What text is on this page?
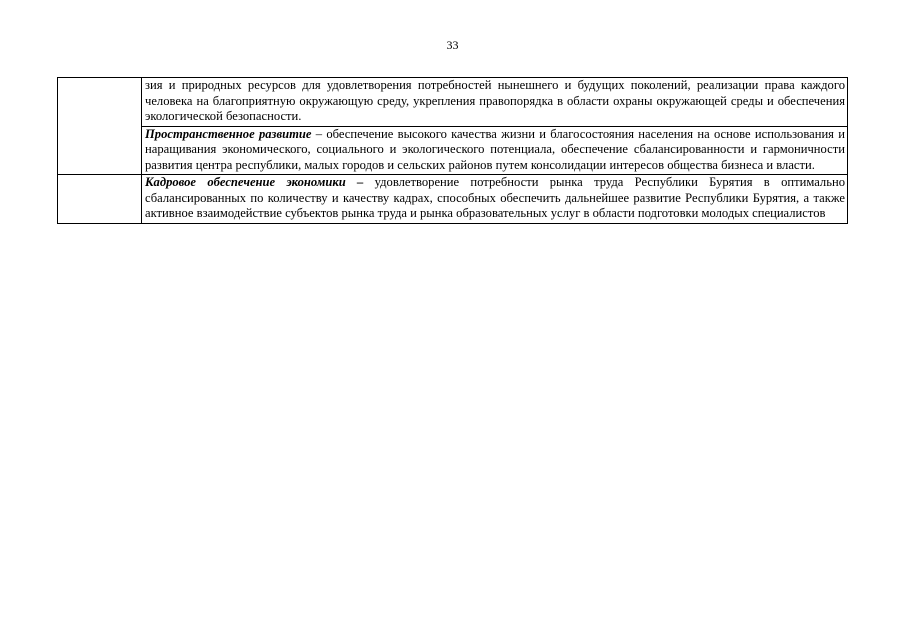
33

	зия и природных ресурсов для удовлетворения потребностей нынешнего и будущих поколений, реализации права каждого человека на благоприятную окружающую среду, укрепления правопорядка в области охраны окружающей среды и обеспечения экологической безопасности.

	Пространственное развитие – обеспечение высокого качества жизни и благосостояния населения на основе использования и наращивания экономического, социального и экологического потенциала, обеспечение сбалансированности и гармоничности развития центра республики, малых городов и сельских районов путем консолидации интересов общества бизнеса и власти.

	Кадровое обеспечение экономики – удовлетворение потребности рынка труда Республики Бурятия в оптимально сбалансированных по количеству и качеству кадрах, способных обеспечить дальнейшее развитие Республики Бурятия, а также активное взаимодействие субъектов рынка труда и рынка образовательных услуг в области подготовки молодых специалистов
